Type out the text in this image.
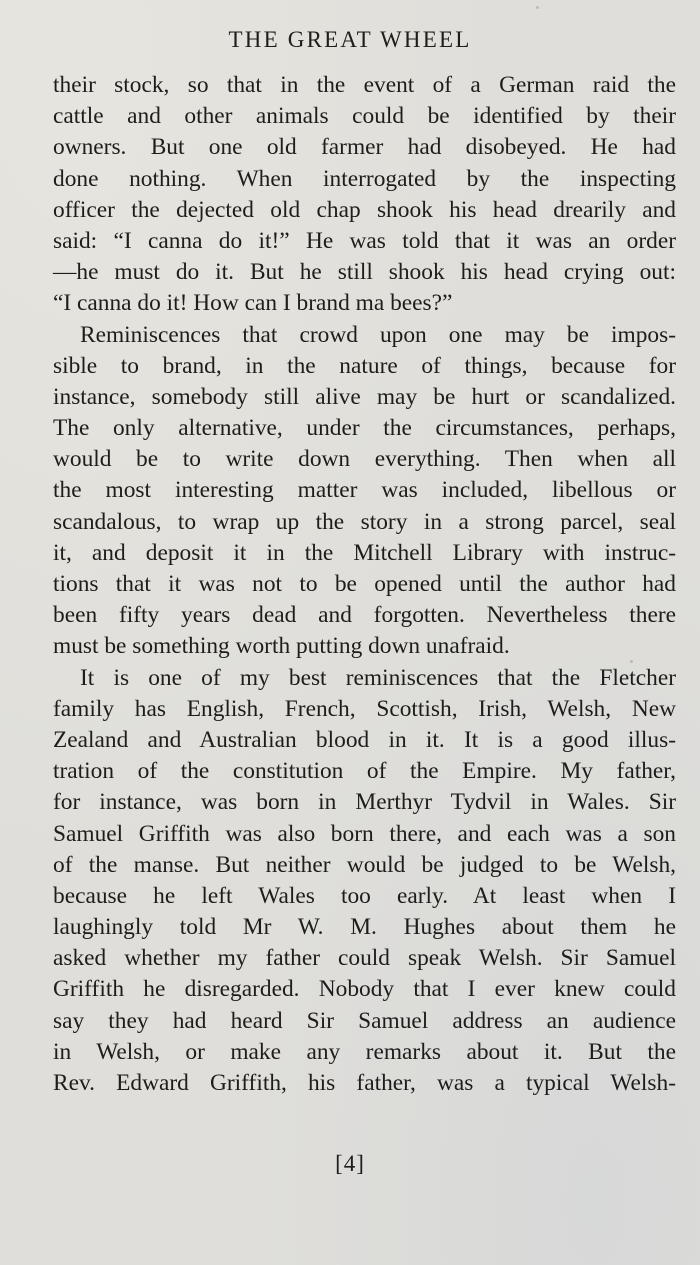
THE GREAT WHEEL
their stock, so that in the event of a German raid the
cattle and other animals could be identified by their
owners. But one old farmer had disobeyed. He had
done nothing. When interrogated by the inspecting
officer the dejected old chap shook his head drearily and
said: “I canna do it!” He was told that it was an order
—he must do it. But he still shook his head crying out:
“I canna do it! How can I brand ma bees?”
Reminiscences that crowd upon one may be impos-
sible to brand, in the nature of things, because for
instance, somebody still alive may be hurt or scandalized.
The only alternative, under the circumstances, perhaps,
would be to write down everything. Then when all
the most interesting matter was included, libellous or
scandalous, to wrap up the story in a strong parcel, seal
it, and deposit it in the Mitchell Library with instruc-
tions that it was not to be opened until the author had
been fifty years dead and forgotten. Nevertheless there
must be something worth putting down unafraid.
It is one of my best reminiscences that the Fletcher
family has English, French, Scottish, Irish, Welsh, New
Zealand and Australian blood in it. It is a good illus-
tration of the constitution of the Empire. My father,
for instance, was born in Merthyr Tydvil in Wales. Sir
Samuel Griffith was also born there, and each was a son
of the manse. But neither would be judged to be Welsh,
because he left Wales too early. At least when I
laughingly told Mr W. M. Hughes about them he
asked whether my father could speak Welsh. Sir Samuel
Griffith he disregarded. Nobody that I ever knew could
say they had heard Sir Samuel address an audience
in Welsh, or make any remarks about it. But the
Rev. Edward Griffith, his father, was a typical Welsh-
[4]
